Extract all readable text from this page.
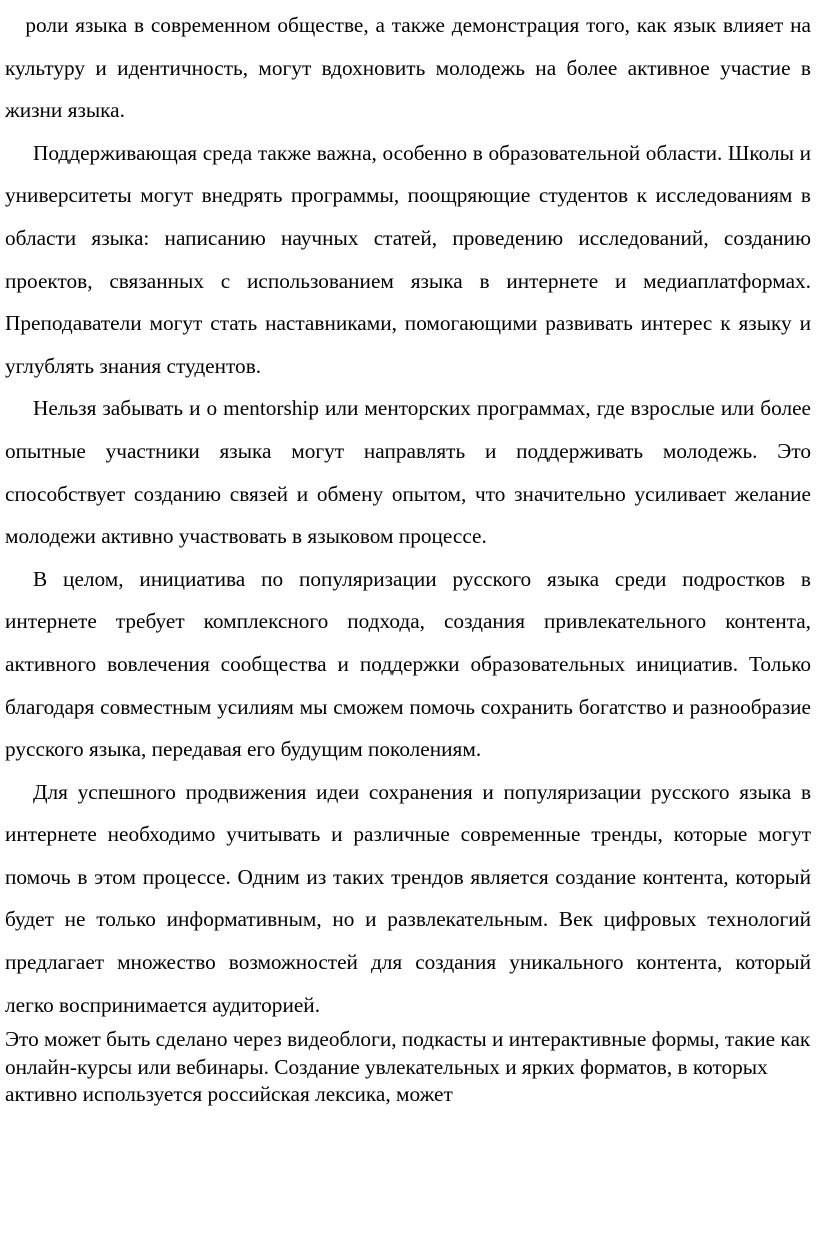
роли языка в современном обществе, а также демонстрация того, как язык влияет на культуру и идентичность, могут вдохновить молодежь на более активное участие в жизни языка.

Поддерживающая среда также важна, особенно в образовательной области. Школы и университеты могут внедрять программы, поощряющие студентов к исследованиям в области языка: написанию научных статей, проведению исследований, созданию проектов, связанных с использованием языка в интернете и медиаплатформах. Преподаватели могут стать наставниками, помогающими развивать интерес к языку и углублять знания студентов.

Нельзя забывать и о mentorship или менторских программах, где взрослые или более опытные участники языка могут направлять и поддерживать молодежь. Это способствует созданию связей и обмену опытом, что значительно усиливает желание молодежи активно участвовать в языковом процессе.

В целом, инициатива по популяризации русского языка среди подростков в интернете требует комплексного подхода, создания привлекательного контента, активного вовлечения сообщества и поддержки образовательных инициатив. Только благодаря совместным усилиям мы сможем помочь сохранить богатство и разнообразие русского языка, передавая его будущим поколениям.

Для успешного продвижения идеи сохранения и популяризации русского языка в интернете необходимо учитывать и различные современные тренды, которые могут помочь в этом процессе. Одним из таких трендов является создание контента, который будет не только информативным, но и развлекательным. Век цифровых технологий предлагает множество возможностей для создания уникального контента, который легко воспринимается аудиторией.

Это может быть сделано через видеоблоги, подкасты и интерактивные формы, такие как онлайн-курсы или вебинары. Создание увлекательных и ярких форматов, в которых активно используется российская лексика, может
